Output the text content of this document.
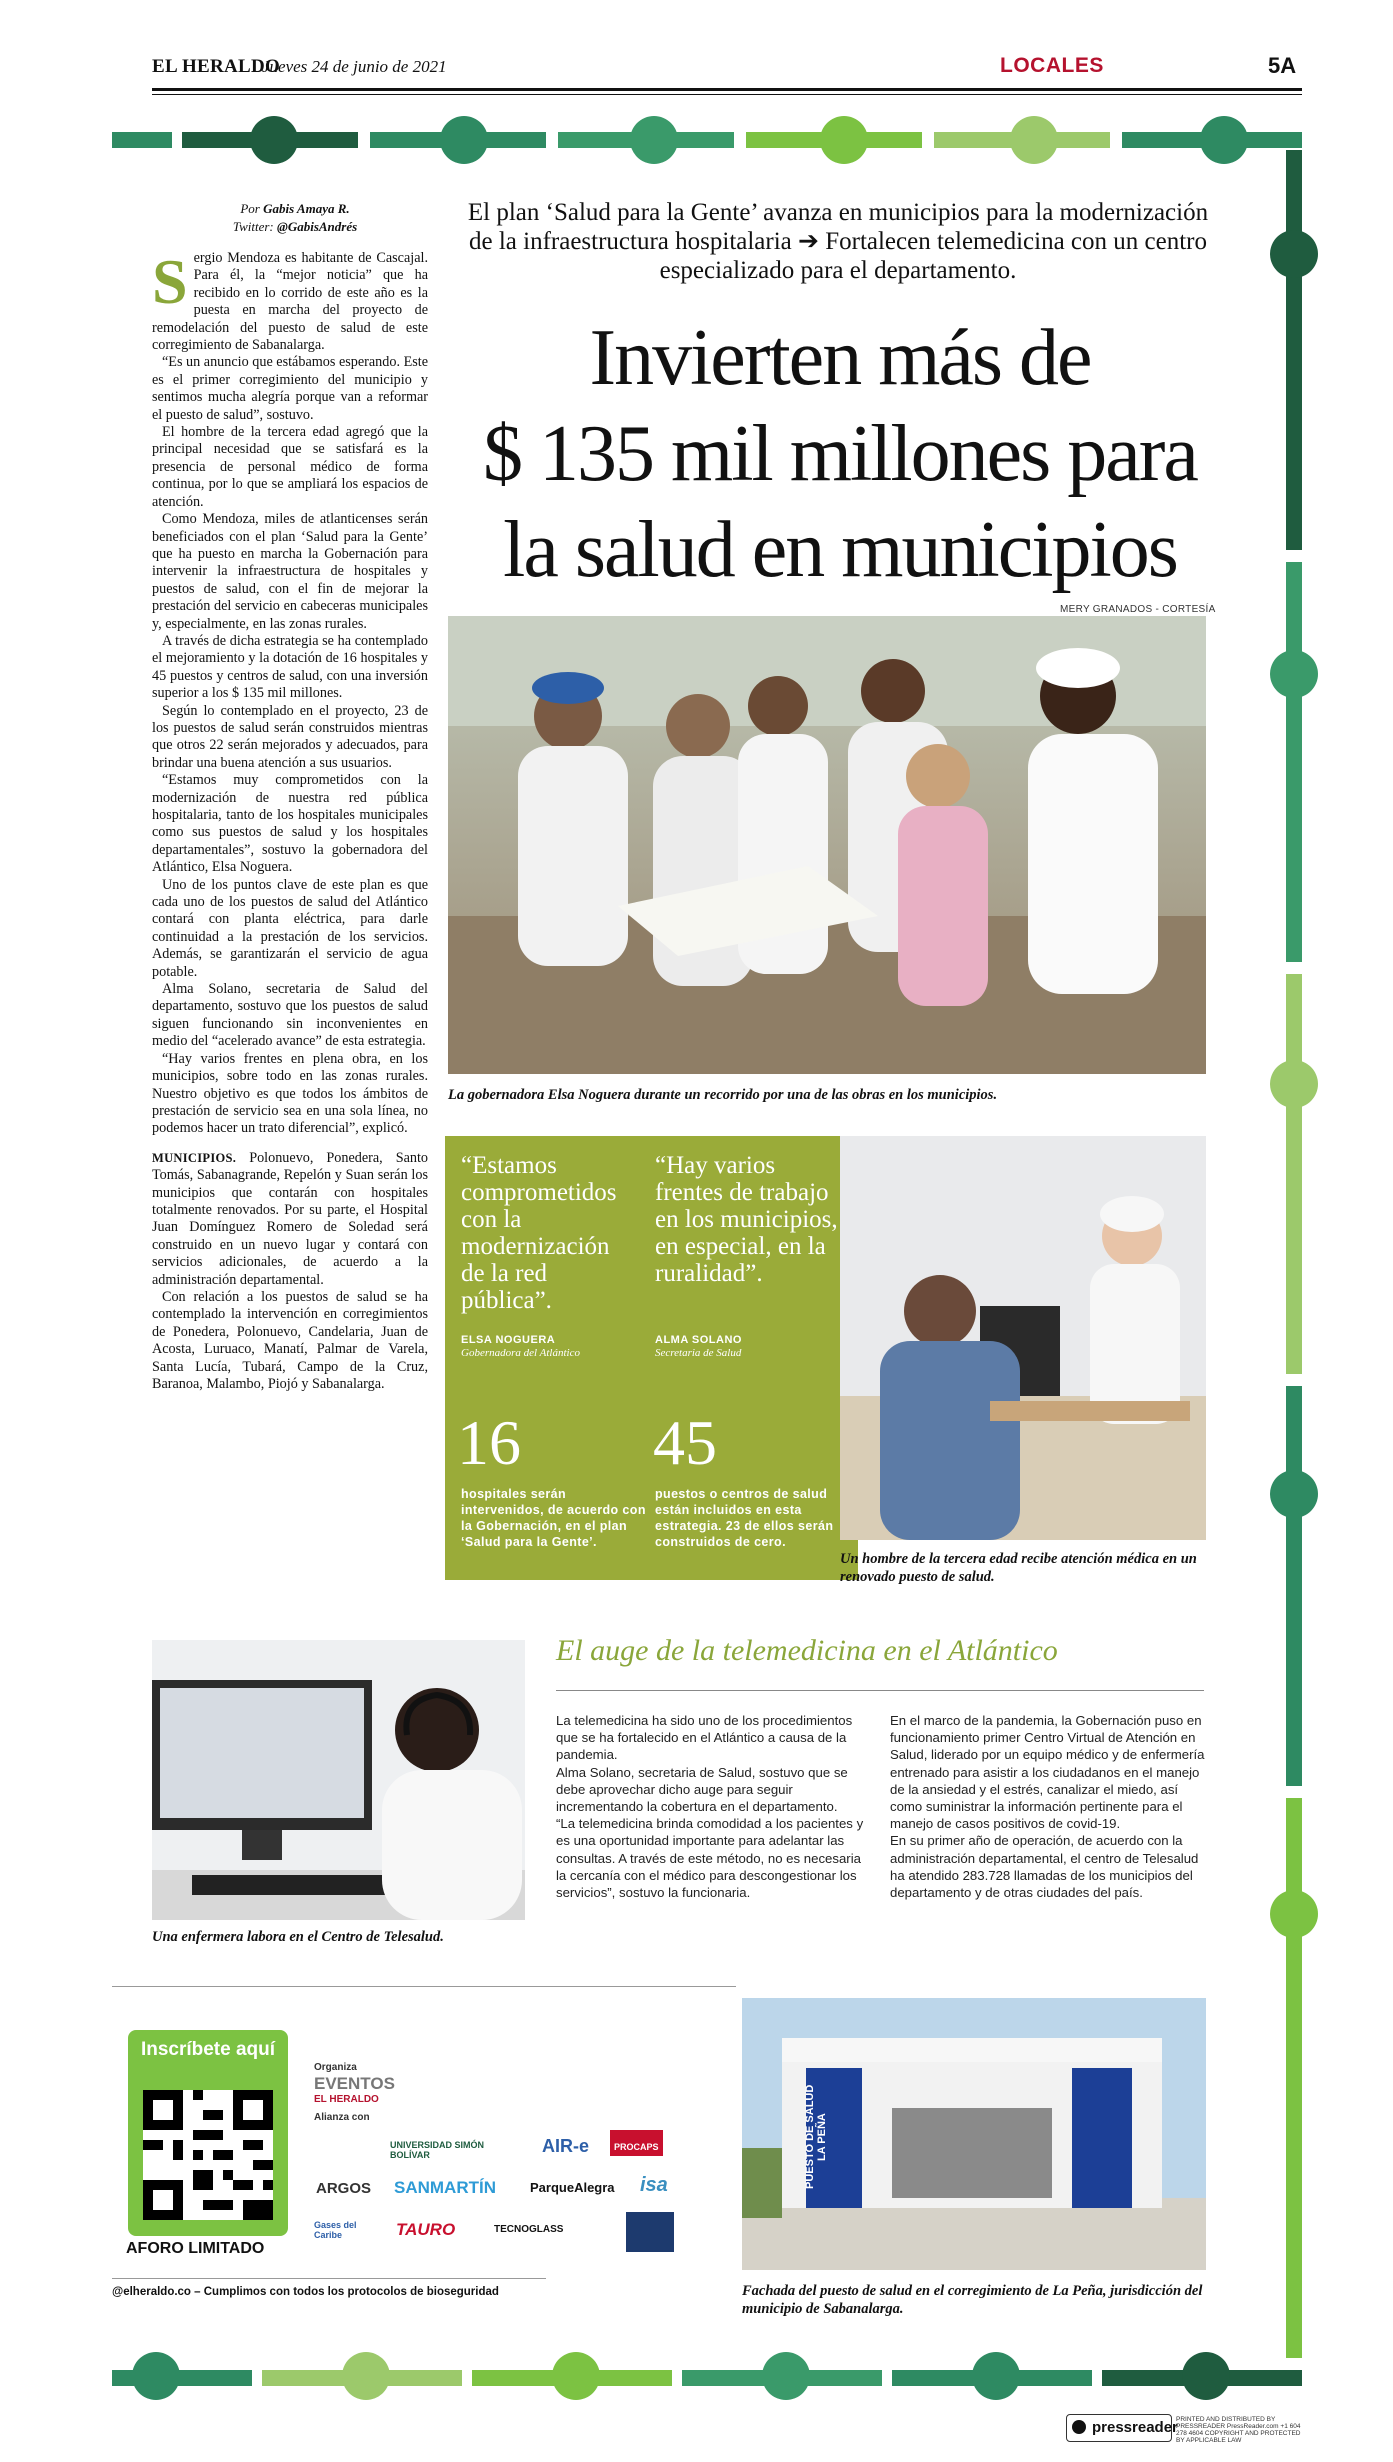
EL HERALDO
Jueves 24 de junio de 2021	LOCALES	5A
Por Gabis Amaya R.
Twitter: @GabisAndrés
S ergio Mendoza es habitante de Cascajal. Para él, la “mejor noticia” que ha recibido en lo corrido de este año es la puesta en marcha del proyecto de remodelación del puesto de salud de este corregimiento de Sabanalarga.

“Es un anuncio que estábamos esperando. Este es el primer corregimiento del municipio y sentimos mucha alegría porque van a reformar el puesto de salud”, sostuvo.

El hombre de la tercera edad agregó que la principal necesidad que se satisfará es la presencia de personal médico de forma continua, por lo que se ampliará los espacios de atención.

Como Mendoza, miles de atlanticenses serán beneficiados con el plan ‘Salud para la Gente’ que ha puesto en marcha la Gobernación para intervenir la infraestructura de hospitales y puestos de salud, con el fin de mejorar la prestación del servicio en cabeceras municipales y, especialmente, en las zonas rurales.

A través de dicha estrategia se ha contemplado el mejoramiento y la dotación de 16 hospitales y 45 puestos y centros de salud, con una inversión superior a los $ 135 mil millones.

Según lo contemplado en el proyecto, 23 de los puestos de salud serán construidos mientras que otros 22 serán mejorados y adecuados, para brindar una buena atención a sus usuarios.

“Estamos muy comprometidos con la modernización de nuestra red pública hospitalaria, tanto de los hospitales municipales como sus puestos de salud y los hospitales departamentales”, sostuvo la gobernadora del Atlántico, Elsa Noguera.

Uno de los puntos clave de este plan es que cada uno de los puestos de salud del Atlántico contará con planta eléctrica, para darle continuidad a la prestación de los servicios. Además, se garantizarán el servicio de agua potable.

Alma Solano, secretaria de Salud del departamento, sostuvo que los puestos de salud siguen funcionando sin inconvenientes en medio del “acelerado avance” de esta estrategia.

“Hay varios frentes en plena obra, en los municipios, sobre todo en las zonas rurales. Nuestro objetivo es que todos los ámbitos de prestación de servicio sea en una sola línea, no podemos hacer un trato diferencial”, explicó.

MUNICIPIOS. Polonuevo, Ponedera, Santo Tomás, Sabanagrande, Repelón y Suan serán los municipios que contarán con hospitales totalmente renovados. Por su parte, el Hospital Juan Domínguez Romero de Soledad será construido en un nuevo lugar y contará con servicios adicionales, de acuerdo a la administración departamental.

Con relación a los puestos de salud se ha contemplado la intervención en corregimientos de Ponedera, Polonuevo, Candelaria, Juan de Acosta, Luruaco, Manatí, Palmar de Varela, Santa Lucía, Tubará, Campo de la Cruz, Baranoa, Malambo, Piojó y Sabanalarga.

El plan ‘Salud para la Gente’ avanza en municipios para la modernización de la infraestructura hospitalaria ➔ Fortalecen telemedicina con un centro especializado para el departamento.
Invierten más de
$ 135 mil millones para
la salud en municipios
MERY GRANADOS - CORTESÍA
La gobernadora Elsa Noguera durante un recorrido por una de las obras en los municipios.
“Estamos comprometidos con la modernización de la red pública”.
ELSA NOGUERA
Gobernadora del Atlántico
“Hay varios frentes de trabajo en los municipios, en especial, en la ruralidad”.
ALMA SOLANO
Secretaria de Salud
16
hospitales serán intervenidos, de acuerdo con la Gobernación, en el plan ‘Salud para la Gente’.
45
puestos o centros de salud están incluidos en esta estrategia. 23 de ellos serán construidos de cero.
Un hombre de la tercera edad recibe atención médica en un renovado puesto de salud.
Una enfermera labora en el Centro de Telesalud.
El auge de la telemedicina en el Atlántico

La telemedicina ha sido uno de los procedimientos que se ha fortalecido en el Atlántico a causa de la pandemia.

Alma Solano, secretaria de Salud, sostuvo que se debe aprovechar dicho auge para seguir incrementando la cobertura en el departamento.

“La telemedicina brinda comodidad a los pacientes y es una oportunidad importante para adelantar las consultas. A través de este método, no es necesaria la cercanía con el médico para descongestionar los servicios”, sostuvo la funcionaria.

En el marco de la pandemia, la Gobernación puso en funcionamiento primer Centro Virtual de Atención en Salud, liderado por un equipo médico y de enfermería entrenado para asistir a los ciudadanos en el manejo de la ansiedad y el estrés, canalizar el miedo, así como suministrar la información pertinente para el manejo de casos positivos de covid-19.

En su primer año de operación, de acuerdo con la administración departamental, el centro de Telesalud ha atendido 283.728 llamadas de los municipios del departamento y de otras ciudades del país.

Inscríbete aquí
AFORO LIMITADO
Organiza
EVENTOS
EL HERALDO
Alianza con
UNIVERSIDAD SIMÓN BOLÍVAR	AIR-e	PROCAPS
ARGOS SANMARTÍN	ParqueAlegra isa
Gases del Caribe	TAURO	TECNOGLASS
@elheraldo.co – Cumplimos con todos los protocolos de bioseguridad
PUESTO DE SALUD LA PEÑA
Fachada del puesto de salud en el corregimiento de La Peña, jurisdicción del municipio de Sabanalarga.
pressreader
PRINTED AND DISTRIBUTED BY PRESSREADER PressReader.com +1 604 278 4604 COPYRIGHT AND PROTECTED BY APPLICABLE LAW
